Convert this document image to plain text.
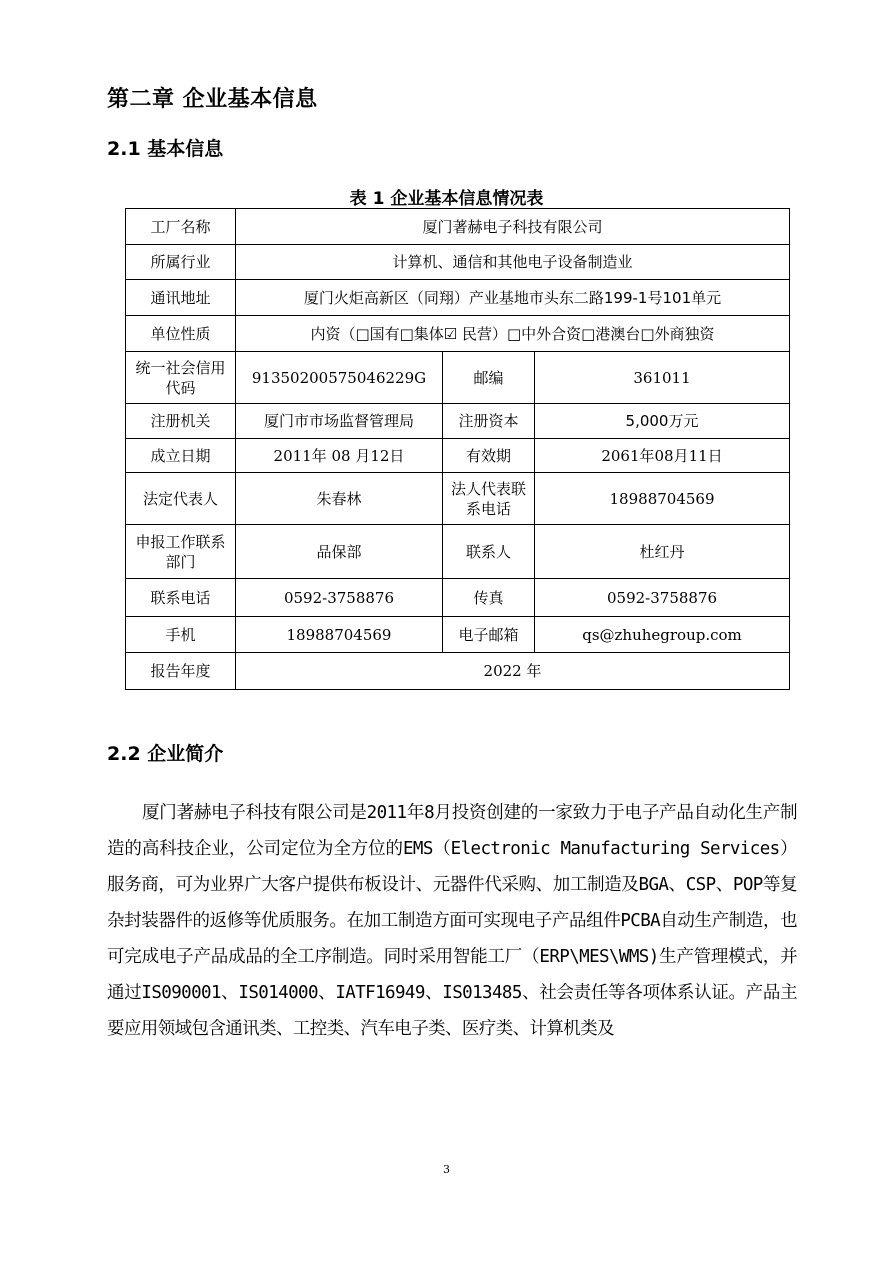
第二章 企业基本信息
2.1 基本信息
表 1 企业基本信息情况表
工厂名称	厦门著赫电子科技有限公司		
所属行业	计算机、通信和其他电子设备制造业		
通讯地址	厦门火炬高新区（同翔）产业基地市头东二路199-1号101单元		
单位性质	内资（□国有□集体☑ 民营）□中外合资□港澳台□外商独资		
统一社会信用代码	91350200575046229G	邮编	361011
注册机关	厦门市市场监督管理局	注册资本	5,000万元
成立日期	2011年 08 月12日	有效期	2061年08月11日
法定代表人	朱春林	法人代表联系电话	18988704569
申报工作联系部门	品保部	联系人	杜红丹
联系电话	0592-3758876	传真	0592-3758876
手机	18988704569	电子邮箱	qs@zhuhegroup.com
报告年度	2022 年		
2.2 企业简介

厦门著赫电子科技有限公司是2011年8月投资创建的一家致力于电子产品自动化生产制造的高科技企业，公司定位为全方位的EMS（Electronic Manufacturing Services）服务商，可为业界广大客户提供布板设计、元器件代采购、加工制造及BGA、CSP、POP等复杂封装器件的返修等优质服务。在加工制造方面可实现电子产品组件PCBA自动生产制造，也可完成电子产品成品的全工序制造。同时采用智能工厂（ERP\MES\WMS)生产管理模式，并通过IS090001、IS014000、IATF16949、IS013485、社会责任等各项体系认证。产品主要应用领域包含通讯类、工控类、汽车电子类、医疗类、计算机类及

3
